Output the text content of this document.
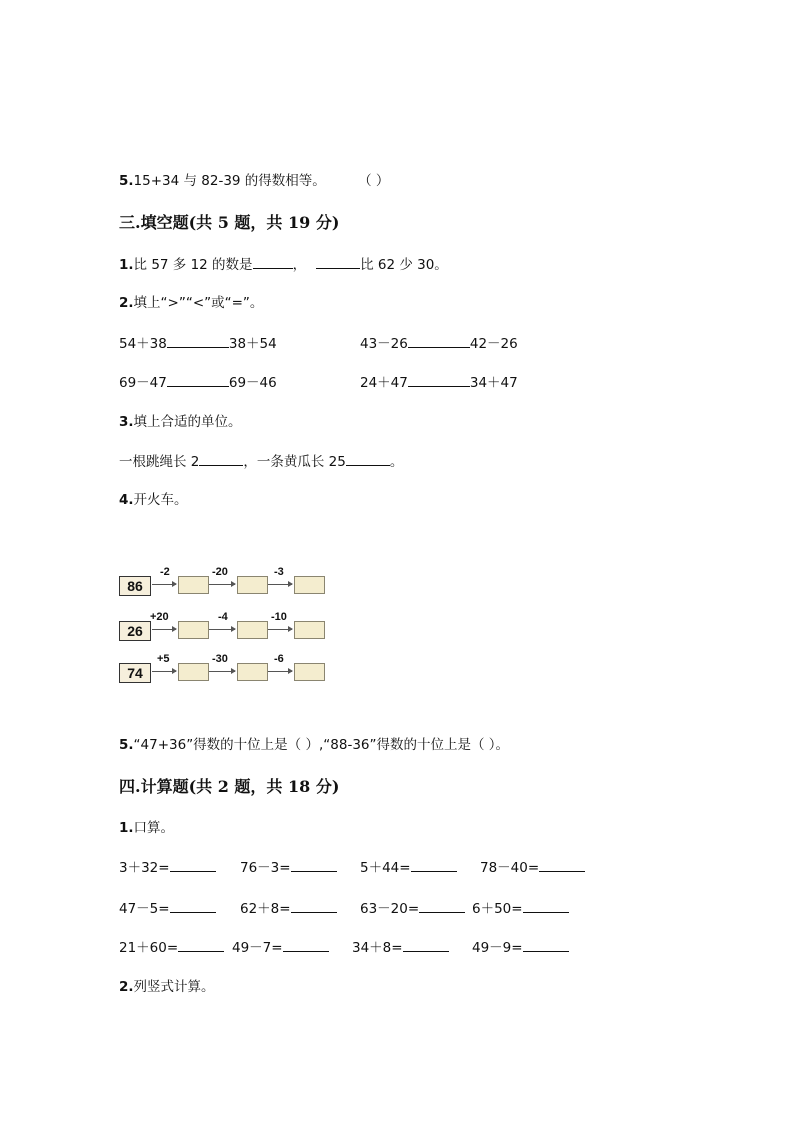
5.15+34 与 82-39 的得数相等。 （ ）
三.填空题(共 5 题，共 19 分)
1.比 57 多 12 的数是	，	比 62 少 30。
2.填上“>”“<”或“=”。
54＋38	38＋54	43－26	42－26
69－47	69－46	24＋47	34＋47
3.填上合适的单位。
一根跳绳长 2	，一条黄瓜长 25	。
4.开火车。
86
-2	-20	-3
26
+20	-4	-10
74
+5	-30	-6
5.“47+36”得数的十位上是（ ）,“88-36”得数的十位上是（ ）。
四.计算题(共 2 题，共 18 分)
1.口算。
3＋32=	76－3=	5＋44=	78－40=
47－5=	62＋8=	63－20=	6＋50=
21＋60=	49－7=	34＋8=	49－9=
2.列竖式计算。
